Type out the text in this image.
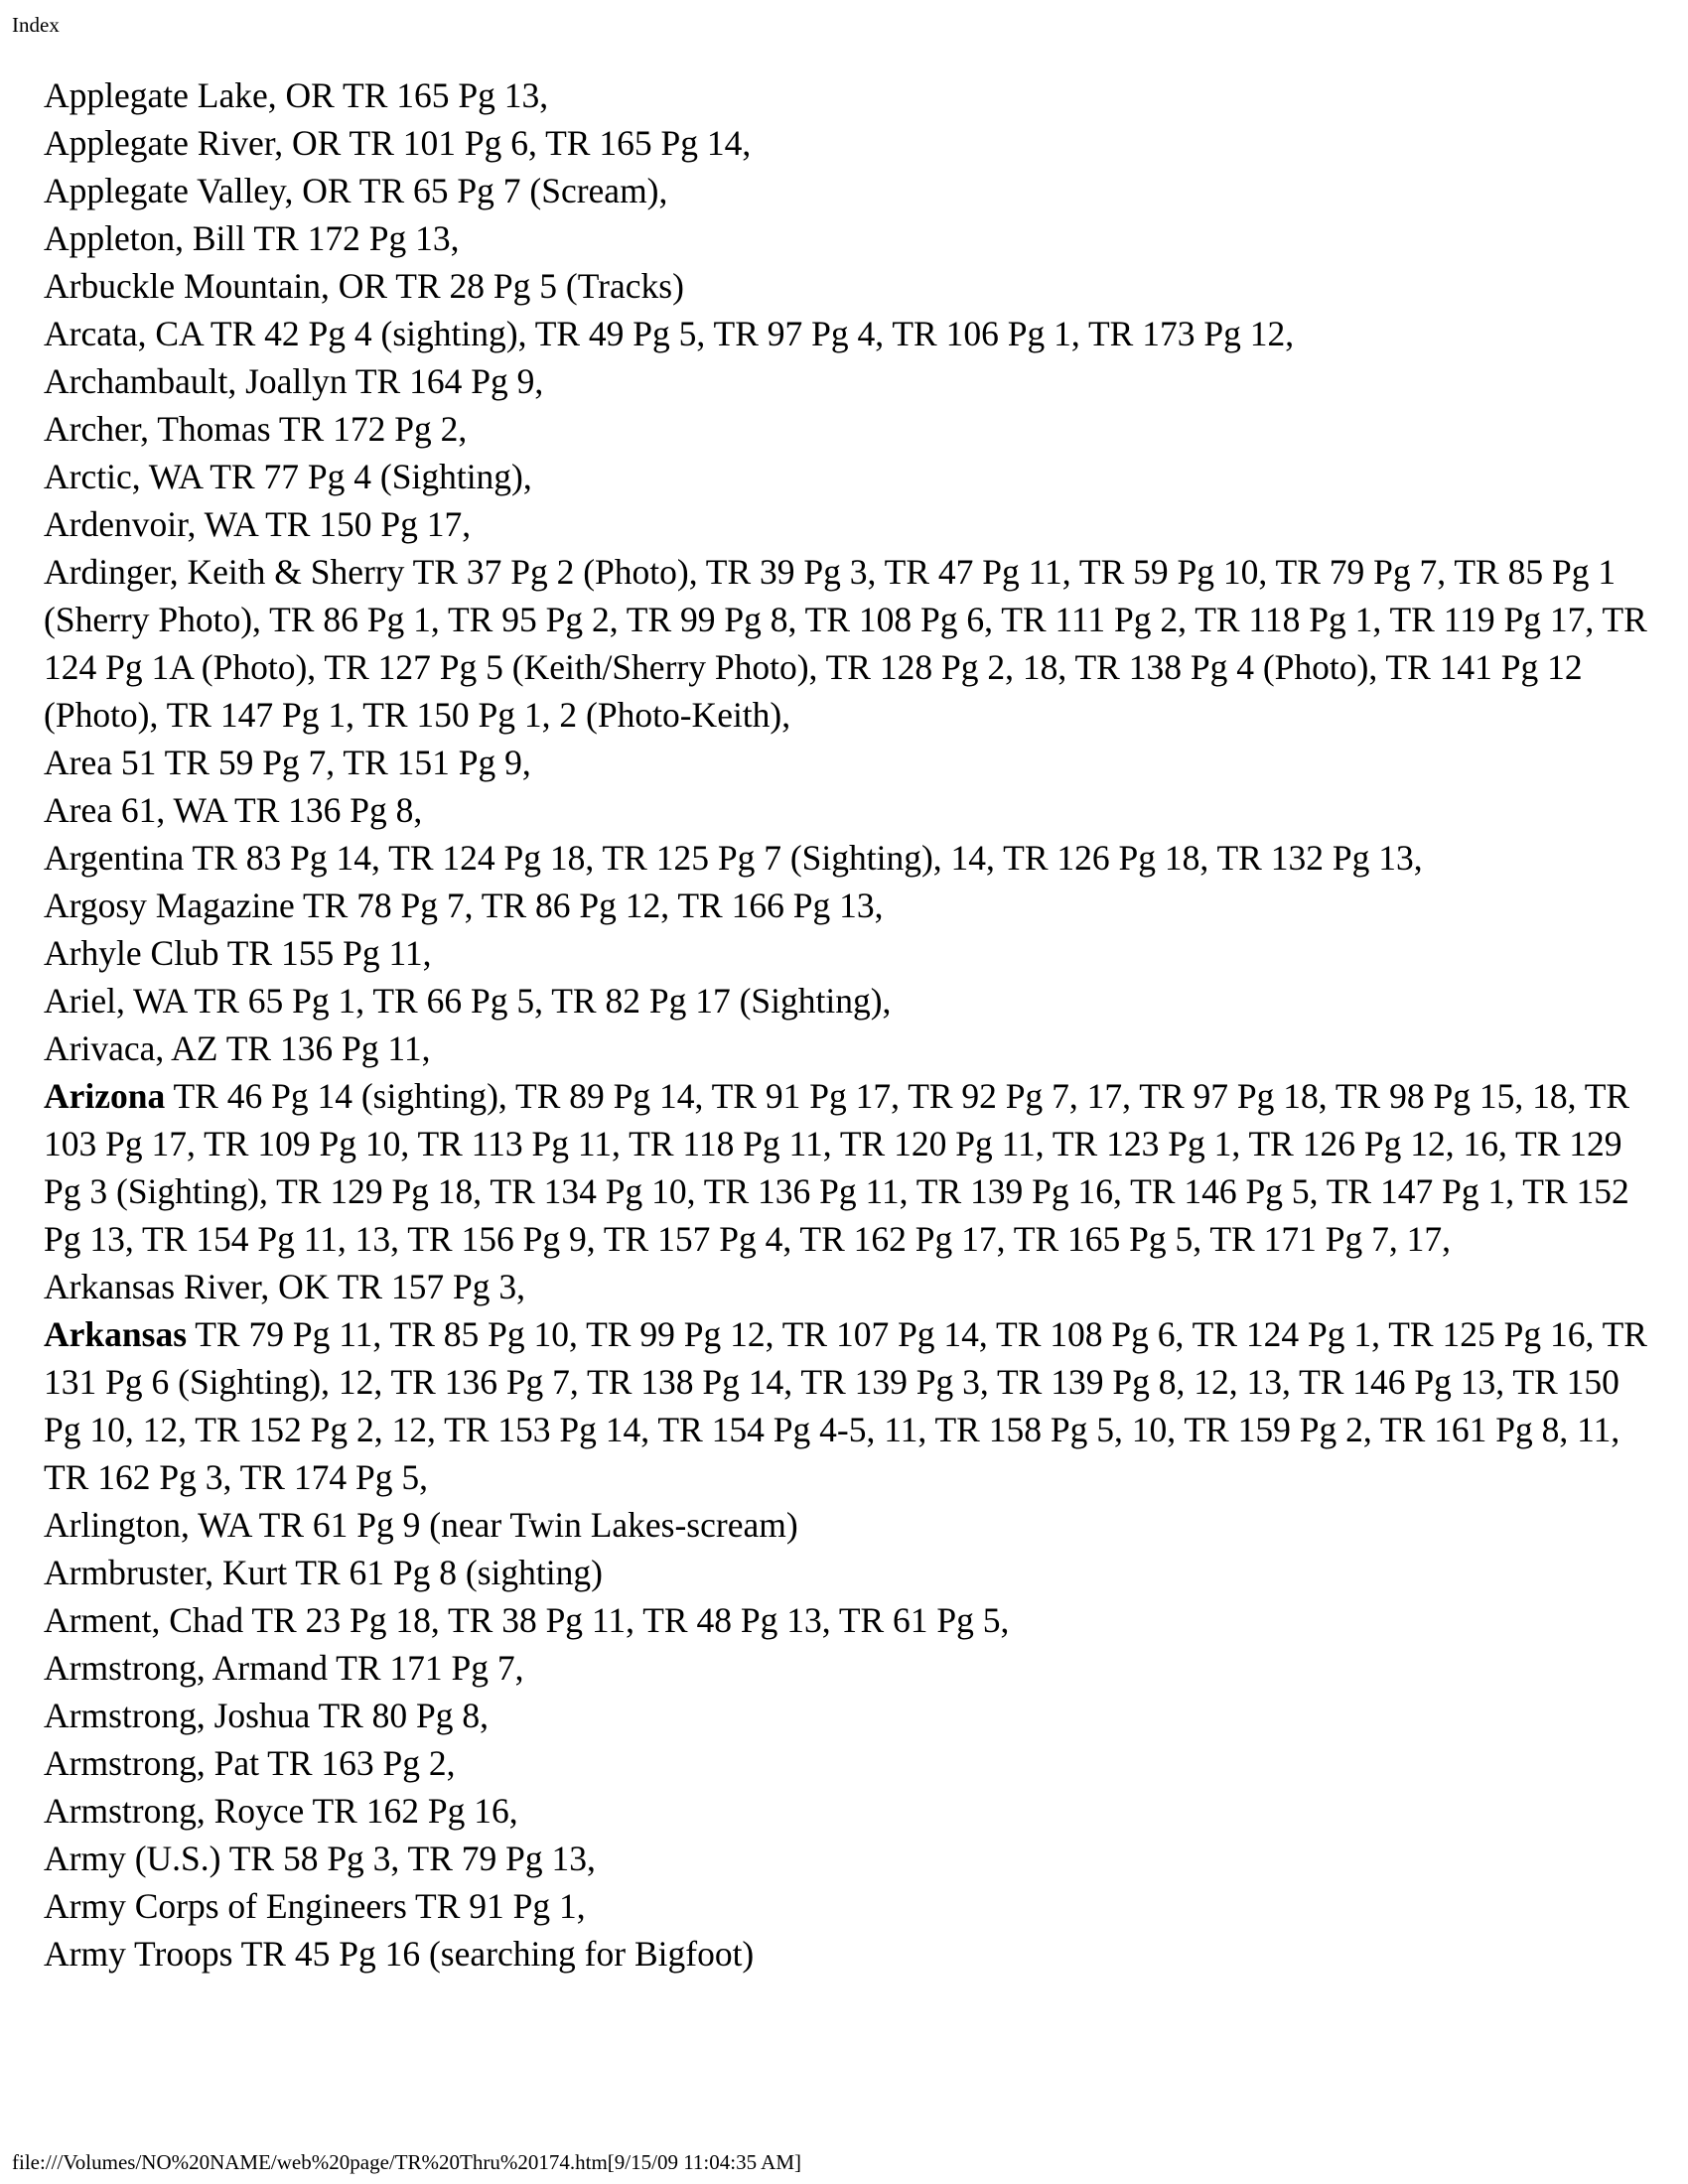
Index
Applegate Lake, OR TR 165 Pg 13,
Applegate River, OR TR 101 Pg 6, TR 165 Pg 14,
Applegate Valley, OR TR 65 Pg 7 (Scream),
Appleton, Bill TR 172 Pg 13,
Arbuckle Mountain, OR TR 28 Pg 5 (Tracks)
Arcata, CA TR 42 Pg 4 (sighting), TR 49 Pg 5, TR 97 Pg 4, TR 106 Pg 1, TR 173 Pg 12,
Archambault, Joallyn TR 164 Pg 9,
Archer, Thomas TR 172 Pg 2,
Arctic, WA TR 77 Pg 4 (Sighting),
Ardenvoir, WA TR 150 Pg 17,
Ardinger, Keith & Sherry TR 37 Pg 2 (Photo), TR 39 Pg 3, TR 47 Pg 11, TR 59 Pg 10, TR 79 Pg 7, TR 85 Pg 1 (Sherry Photo), TR 86 Pg 1, TR 95 Pg 2, TR 99 Pg 8, TR 108 Pg 6, TR 111 Pg 2, TR 118 Pg 1, TR 119 Pg 17, TR 124 Pg 1A (Photo), TR 127 Pg 5 (Keith/Sherry Photo), TR 128 Pg 2, 18, TR 138 Pg 4 (Photo), TR 141 Pg 12 (Photo), TR 147 Pg 1, TR 150 Pg 1, 2 (Photo-Keith),
Area 51 TR 59 Pg 7, TR 151 Pg 9,
Area 61, WA TR 136 Pg 8,
Argentina TR 83 Pg 14, TR 124 Pg 18, TR 125 Pg 7 (Sighting), 14, TR 126 Pg 18, TR 132 Pg 13,
Argosy Magazine TR 78 Pg 7, TR 86 Pg 12, TR 166 Pg 13,
Arhyle Club TR 155 Pg 11,
Ariel, WA TR 65 Pg 1, TR 66 Pg 5, TR 82 Pg 17 (Sighting),
Arivaca, AZ TR 136 Pg 11,
Arizona TR 46 Pg 14 (sighting), TR 89 Pg 14, TR 91 Pg 17, TR 92 Pg 7, 17, TR 97 Pg 18, TR 98 Pg 15, 18, TR 103 Pg 17, TR 109 Pg 10, TR 113 Pg 11, TR 118 Pg 11, TR 120 Pg 11, TR 123 Pg 1, TR 126 Pg 12, 16, TR 129 Pg 3 (Sighting), TR 129 Pg 18, TR 134 Pg 10, TR 136 Pg 11, TR 139 Pg 16, TR 146 Pg 5, TR 147 Pg 1, TR 152 Pg 13, TR 154 Pg 11, 13, TR 156 Pg 9, TR 157 Pg 4, TR 162 Pg 17, TR 165 Pg 5, TR 171 Pg 7, 17,
Arkansas River, OK TR 157 Pg 3,
Arkansas TR 79 Pg 11, TR 85 Pg 10, TR 99 Pg 12, TR 107 Pg 14, TR 108 Pg 6, TR 124 Pg 1, TR 125 Pg 16, TR 131 Pg 6 (Sighting), 12, TR 136 Pg 7, TR 138 Pg 14, TR 139 Pg 3, TR 139 Pg 8, 12, 13, TR 146 Pg 13, TR 150 Pg 10, 12, TR 152 Pg 2, 12, TR 153 Pg 14, TR 154 Pg 4-5, 11, TR 158 Pg 5, 10, TR 159 Pg 2, TR 161 Pg 8, 11, TR 162 Pg 3, TR 174 Pg 5,
Arlington, WA TR 61 Pg 9 (near Twin Lakes-scream)
Armbruster, Kurt TR 61 Pg 8 (sighting)
Arment, Chad TR 23 Pg 18, TR 38 Pg 11, TR 48 Pg 13, TR 61 Pg 5,
Armstrong, Armand TR 171 Pg 7,
Armstrong, Joshua TR 80 Pg 8,
Armstrong, Pat TR 163 Pg 2,
Armstrong, Royce TR 162 Pg 16,
Army (U.S.) TR 58 Pg 3, TR 79 Pg 13,
Army Corps of Engineers TR 91 Pg 1,
Army Troops TR 45 Pg 16 (searching for Bigfoot)
file:///Volumes/NO%20NAME/web%20page/TR%20Thru%20174.htm[9/15/09 11:04:35 AM]
